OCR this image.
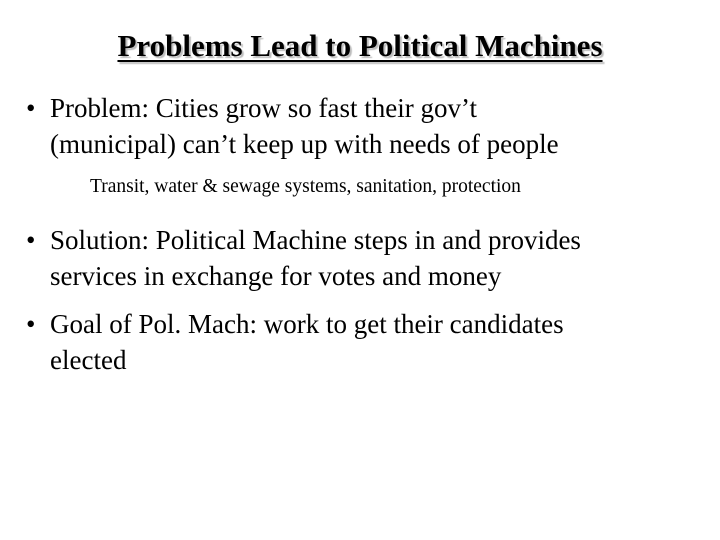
Problems Lead to Political Machines
• Problem: Cities grow so fast their gov’t
(municipal) can’t keep up with needs of people
Transit, water & sewage systems, sanitation, protection
• Solution: Political Machine steps in and provides
services in exchange for votes and money
• Goal of Pol. Mach: work to get their candidates
elected
